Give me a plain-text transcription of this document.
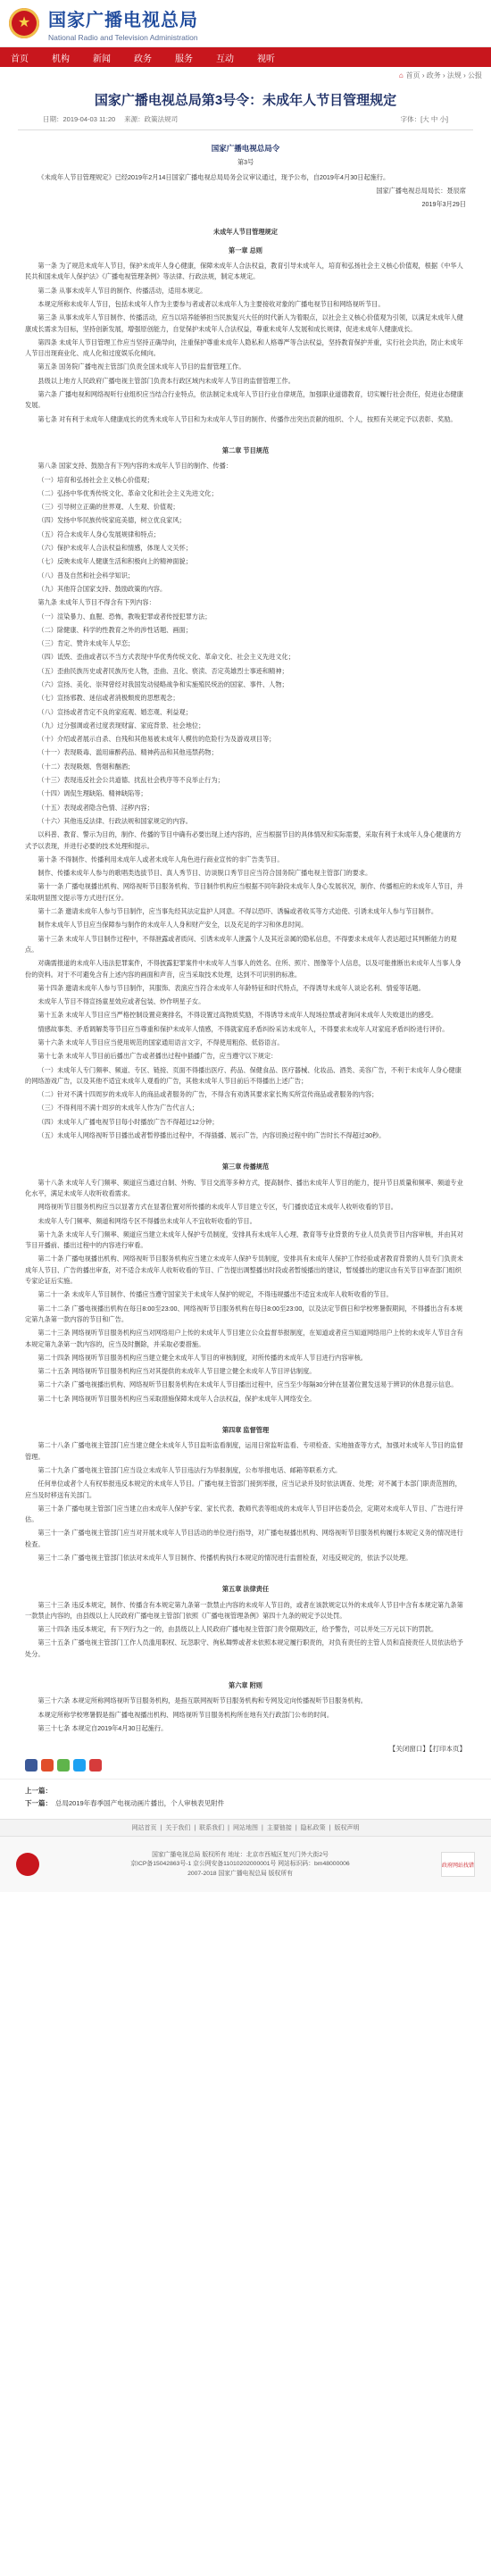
★ 国家广播电视总局
National Radio and Television Administration
首页	机构	新闻	政务	服务	互动	视听
⌂ 首页 › 政务 › 法规 › 公报
国家广播电视总局第3号令：未成年人节目管理规定
日期：2019-04-03 11:20 来源：政策法规司	字体：[大 中 小]

国家广播电视总局令

第3号

《未成年人节目管理规定》已经2019年2月14日国家广播电视总局局务会议审议通过，现予公布，自2019年4月30日起施行。

国家广播电视总局局长：聂辰席

2019年3月29日

未成年人节目管理规定

第一章 总则

第一条 为了规范未成年人节目，保护未成年人身心健康，保障未成年人合法权益，教育引导未成年人，培育和弘扬社会主义核心价值观，根据《中华人民共和国未成年人保护法》《广播电视管理条例》等法律、行政法规，制定本规定。

第二条 从事未成年人节目的制作、传播活动，适用本规定。

本规定所称未成年人节目，包括未成年人作为主要参与者或者以未成年人为主要接收对象的广播电视节目和网络视听节目。

第三条 从事未成年人节目制作、传播活动，应当以培养能够担当民族复兴大任的时代新人为着眼点，以社会主义核心价值观为引领，以满足未成年人健康成长需求为目标，坚持创新发展，增强原创能力，自觉保护未成年人合法权益，尊重未成年人发展和成长规律，促进未成年人健康成长。

第四条 未成年人节目管理工作应当坚持正确导向，注重保护尊重未成年人隐私和人格尊严等合法权益，坚持教育保护并重，实行社会共治，防止未成年人节目出现商业化、成人化和过度娱乐化倾向。

第五条 国务院广播电视主管部门负责全国未成年人节目的监督管理工作。

县级以上地方人民政府广播电视主管部门负责本行政区域内未成年人节目的监督管理工作。

第六条 广播电视和网络视听行业组织应当结合行业特点，依法制定未成年人节目行业自律规范，加强职业道德教育，切实履行社会责任，促进业态健康发展。

第七条 对有利于未成年人健康成长的优秀未成年人节目和为未成年人节目的制作、传播作出突出贡献的组织、个人，按照有关规定予以表彰、奖励。

第二章 节目规范

第八条 国家支持、鼓励含有下列内容的未成年人节目的制作、传播：

（一）培育和弘扬社会主义核心价值观；

（二）弘扬中华优秀传统文化、革命文化和社会主义先进文化；

（三）引导树立正确的世界观、人生观、价值观；

（四）发扬中华民族传统家庭美德，树立优良家风；

（五）符合未成年人身心发展规律和特点；

（六）保护未成年人合法权益和情感，体现人文关怀；

（七）反映未成年人健康生活和积极向上的精神面貌；

（八）普及自然和社会科学知识；

（九）其他符合国家支持、鼓励政策的内容。

第九条 未成年人节目不得含有下列内容：

（一）渲染暴力、血腥、恐怖，教唆犯罪或者传授犯罪方法；

（二）除健康、科学的性教育之外的涉性话题、画面；

（三）肯定、赞许未成年人早恋；

（四）诋毁、歪曲或者以不当方式表现中华优秀传统文化、革命文化、社会主义先进文化；

（五）歪曲民族历史或者民族历史人物，歪曲、丑化、亵渎、否定英雄烈士事迹和精神；

（六）宣扬、美化、崇拜曾经对我国发动侵略战争和实施殖民统治的国家、事件、人物；

（七）宣扬邪教、迷信或者消极颓废的思想观念；

（八）宣扬或者肯定不良的家庭观、婚恋观、利益观；

（九）过分强调或者过度表现财富、家庭背景、社会地位；

（十）介绍或者展示自杀、自残和其他易被未成年人模仿的危险行为及游戏项目等；

（十一）表现吸毒、滥用麻醉药品、精神药品和其他违禁药物；

（十二）表现吸烟、售烟和酗酒；

（十三）表现违反社会公共道德、扰乱社会秩序等不良举止行为；

（十四）调侃生理缺陷、精神缺陷等；

（十五）表现或者隐含色情、淫秽内容；

（十六）其他违反法律、行政法规和国家规定的内容。

以科普、教育、警示为目的，制作、传播的节目中确有必要出现上述内容的，应当根据节目的具体情况和实际需要，采取有利于未成年人身心健康的方式予以表现，并进行必要的技术处理和提示。

第十条 不得制作、传播利用未成年人或者未成年人角色进行商业宣传的非广告类节目。

制作、传播未成年人参与的歌唱类选拔节目、真人秀节目、访谈脱口秀节目应当符合国务院广播电视主管部门的要求。

第十一条 广播电视播出机构、网络视听节目服务机构、节目制作机构应当根据不同年龄段未成年人身心发展状况，制作、传播相应的未成年人节目，并采取明显图文提示等方式进行区分。

第十二条 邀请未成年人参与节目制作，应当事先经其法定监护人同意。不得以恐吓、诱骗或者收买等方式迫使、引诱未成年人参与节目制作。

制作未成年人节目应当保障参与制作的未成年人人身和财产安全，以及充足的学习和休息时间。

第十三条 未成年人节目制作过程中，不得泄露或者质问、引诱未成年人泄露个人及其近亲属的隐私信息，不得要求未成年人表达超过其判断能力的观点。

对确需报道的未成年人违法犯罪案件，不得披露犯罪案件中未成年人当事人的姓名、住所、照片、图像等个人信息，以及可能推断出未成年人当事人身份的资料。对于不可避免含有上述内容的画面和声音，应当采取技术处理，达到不可识别的标准。

第十四条 邀请未成年人参与节目制作，其服饰、表演应当符合未成年人年龄特征和时代特点，不得诱导未成年人谈论名利、情爱等话题。

未成年人节目不得宣扬童星效应或者包装、炒作明星子女。

第十五条 未成年人节目应当严格控制设置竞赛排名，不得设置过高物质奖励，不得诱导未成年人现场拉票或者询问未成年人失败退出的感受。

情感故事类、矛盾调解类等节目应当尊重和保护未成年人情感，不得就家庭矛盾纠纷采访未成年人，不得要求未成年人对家庭矛盾纠纷进行评价。

第十六条 未成年人节目应当使用规范的国家通用语言文字，不得使用粗俗、低俗语言。

第十七条 未成年人节目前后播出广告或者播出过程中插播广告，应当遵守以下规定：

（一）未成年人专门频率、频道、专区、链接、页面不得播出医疗、药品、保健食品、医疗器械、化妆品、酒类、美容广告，不利于未成年人身心健康的网络游戏广告，以及其他不适宜未成年人观看的广告，其他未成年人节目前后不得播出上述广告；

（二）针对不满十四周岁的未成年人的商品或者服务的广告，不得含有劝诱其要求家长购买所宣传商品或者服务的内容；

（三）不得利用不满十周岁的未成年人作为广告代言人；

（四）未成年人广播电视节目每小时播放广告不得超过12分钟；

（五）未成年人网络视听节目播出或者暂停播出过程中，不得插播、展示广告，内容切换过程中的广告时长不得超过30秒。

第三章 传播规范

第十八条 未成年人专门频率、频道应当通过自制、外购、节目交流等多种方式，提高制作、播出未成年人节目的能力，提升节目质量和频率、频道专业化水平，满足未成年人收听收看需求。

网络视听节目服务机构应当以显著方式在显著位置对所传播的未成年人节目建立专区，专门播放适宜未成年人收听收看的节目。

未成年人专门频率、频道和网络专区不得播出未成年人不宜收听收看的节目。

第十九条 未成年人专门频率、频道应当建立未成年人保护专员制度，安排具有未成年人心理、教育等专业背景的专业人员负责节目内容审核，并由其对节目开播前、播出过程中的内容进行审看。

第二十条 广播电视播出机构、网络视听节目服务机构应当建立未成年人保护专员制度，安排具有未成年人保护工作经验或者教育背景的人员专门负责未成年人节目、广告的播出审查，对不适合未成年人收听收看的节目、广告提出调整播出时段或者暂缓播出的建议，暂缓播出的建议由有关节目审查部门组织专家论证后实施。

第二十一条 未成年人节目制作、传播应当遵守国家关于未成年人保护的规定，不得违规播出不适宜未成年人收听收看的节目。

第二十二条 广播电视播出机构在每日8:00至23:00、网络视听节目服务机构在每日8:00至23:00，以及法定节假日和学校寒暑假期间，不得播出含有本规定第九条第一款内容的节目和广告。

第二十三条 网络视听节目服务机构应当对网络用户上传的未成年人节目建立公众监督举报制度，在知道或者应当知道网络用户上传的未成年人节目含有本规定第九条第一款内容的，应当及时删除，并采取必要措施。

第二十四条 网络视听节目服务机构应当建立健全未成年人节目的审核制度，对所传播的未成年人节目进行内容审核。

第二十五条 网络视听节目服务机构应当对其提供的未成年人节目建立健全未成年人节目评估制度。

第二十六条 广播电视播出机构、网络视听节目服务机构在未成年人节目播出过程中，应当至少每隔30分钟在显著位置发送易于辨识的休息提示信息。

第二十七条 网络视听节目服务机构应当采取措施保障未成年人合法权益，保护未成年人网络安全。

第四章 监督管理

第二十八条 广播电视主管部门应当建立健全未成年人节目监听监看制度，运用日常监听监看、专项检查、实地抽查等方式，加强对未成年人节目的监督管理。

第二十九条 广播电视主管部门应当设立未成年人节目违法行为举报制度，公布举报电话、邮箱等联系方式。

任何单位或者个人有权举报违反本规定的未成年人节目。广播电视主管部门接到举报，应当记录并及时依法调查、处理；对不属于本部门职责范围的，应当及时移送有关部门。

第三十条 广播电视主管部门应当建立由未成年人保护专家、家长代表、教师代表等组成的未成年人节目评估委员会，定期对未成年人节目、广告进行评估。

第三十一条 广播电视主管部门应当对开展未成年人节目活动的单位进行指导，对广播电视播出机构、网络视听节目服务机构履行本规定义务的情况进行检查。

第三十二条 广播电视主管部门依法对未成年人节目制作、传播机构执行本规定的情况进行监督检查，对违反规定的，依法予以处理。

第五章 法律责任

第三十三条 违反本规定，制作、传播含有本规定第九条第一款禁止内容的未成年人节目的，或者在该款规定以外的未成年人节目中含有本规定第九条第一款禁止内容的，由县级以上人民政府广播电视主管部门依照《广播电视管理条例》第四十九条的规定予以处罚。

第三十四条 违反本规定，有下列行为之一的，由县级以上人民政府广播电视主管部门责令限期改正，给予警告，可以并处三万元以下的罚款。

第三十五条 广播电视主管部门工作人员滥用职权、玩忽职守、徇私舞弊或者未依照本规定履行职责的，对负有责任的主管人员和直接责任人员依法给予处分。

第六章 附则

第三十六条 本规定所称网络视听节目服务机构，是指互联网视听节目服务机构和专网及定向传播视听节目服务机构。

本规定所称学校寒暑假是指广播电视播出机构、网络视听节目服务机构所在地有关行政部门公布的时间。

第三十七条 本规定自2019年4月30日起施行。

【关闭窗口】【打印本页】
上一篇：
下一篇： 总局2019年春季国产电视动画片播出，个人审核表见附件
网站首页 | 关于我们 | 联系我们 | 网站地图 | 主要链接 | 隐私政策 | 版权声明
国家广播电视总局 版权所有 地址：北京市西城区复兴门外大街2号
京ICP备15042863号-1 京公网安备11010202000001号 网站标识码：bm48000006
2007-2018 国家广播电视总局 版权所有
政府网站找错
